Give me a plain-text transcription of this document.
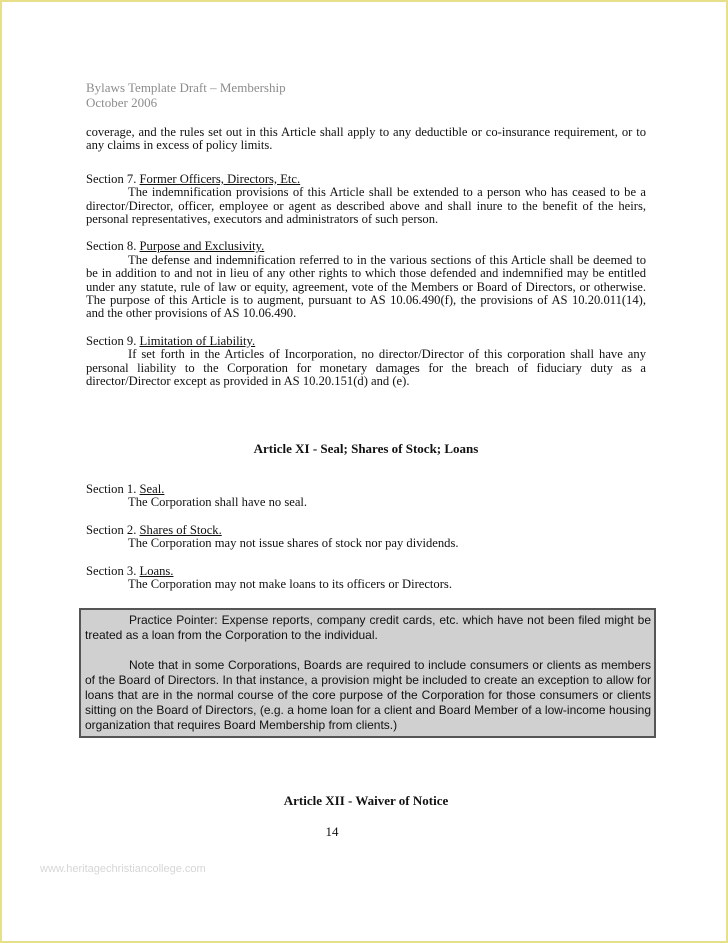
Bylaws Template Draft – Membership
October 2006

coverage, and the rules set out in this Article shall apply to any deductible or co-insurance requirement, or to any claims in excess of policy limits.

Section 7. Former Officers, Directors, Etc.

The indemnification provisions of this Article shall be extended to a person who has ceased to be a director/Director, officer, employee or agent as described above and shall inure to the benefit of the heirs, personal representatives, executors and administrators of such person.

Section 8. Purpose and Exclusivity.

The defense and indemnification referred to in the various sections of this Article shall be deemed to be in addition to and not in lieu of any other rights to which those defended and indemnified may be entitled under any statute, rule of law or equity, agreement, vote of the Members or Board of Directors, or otherwise. The purpose of this Article is to augment, pursuant to AS 10.06.490(f), the provisions of AS 10.20.011(14), and the other provisions of AS 10.06.490.

Section 9. Limitation of Liability.

If set forth in the Articles of Incorporation, no director/Director of this corporation shall have any personal liability to the Corporation for monetary damages for the breach of fiduciary duty as a director/Director except as provided in AS 10.20.151(d) and (e).

Article XI - Seal; Shares of Stock; Loans
Section 1. Seal.

The Corporation shall have no seal.

Section 2. Shares of Stock.

The Corporation may not issue shares of stock nor pay dividends.

Section 3. Loans.

The Corporation may not make loans to its officers or Directors.

Practice Pointer: Expense reports, company credit cards, etc. which have not been filed might be treated as a loan from the Corporation to the individual.

Note that in some Corporations, Boards are required to include consumers or clients as members of the Board of Directors. In that instance, a provision might be included to create an exception to allow for loans that are in the normal course of the core purpose of the Corporation for those consumers or clients sitting on the Board of Directors, (e.g. a home loan for a client and Board Member of a low-income housing organization that requires Board Membership from clients.)

Article XII - Waiver of Notice
14
www.heritagechristiancollege.com
